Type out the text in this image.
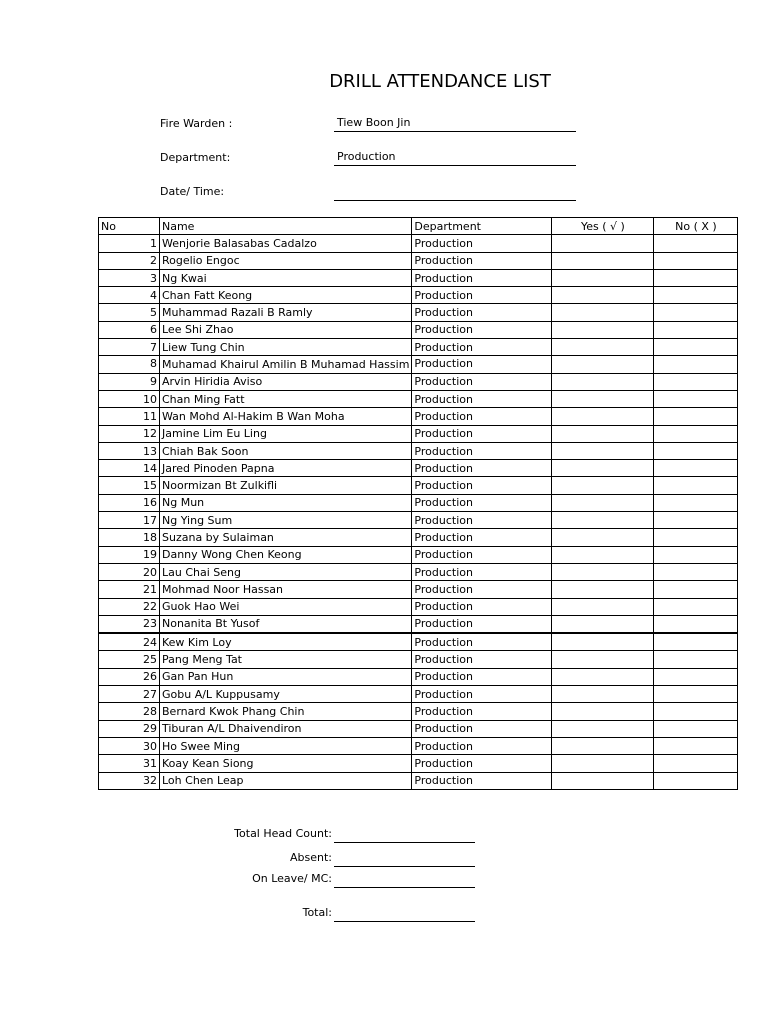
DRILL ATTENDANCE LIST
Fire Warden :	Tiew Boon Jin
Department:	Production
Date/ Time:
No	Name	Department	Yes ( √ )	No ( X )
1	Wenjorie Balasabas Cadalzo	Production		
2	Rogelio Engoc	Production		
3	Ng Kwai	Production		
4	Chan Fatt Keong	Production		
5	Muhammad Razali B Ramly	Production		
6	Lee Shi Zhao	Production		
7	Liew Tung Chin	Production		
8	Muhamad Khairul Amilin B Muhamad Hassim	Production		
9	Arvin Hiridia Aviso	Production		
10	Chan Ming Fatt	Production		
11	Wan Mohd Al-Hakim B Wan Moha	Production		
12	Jamine Lim Eu Ling	Production		
13	Chiah Bak Soon	Production		
14	Jared Pinoden Papna	Production		
15	Noormizan Bt Zulkifli	Production		
16	Ng Mun	Production		
17	Ng Ying Sum	Production		
18	Suzana by Sulaiman	Production		
19	Danny Wong Chen Keong	Production		
20	Lau Chai Seng	Production		
21	Mohmad Noor Hassan	Production		
22	Guok Hao Wei	Production		
23	Nonanita Bt Yusof	Production		
24	Kew Kim Loy	Production		
25	Pang Meng Tat	Production		
26	Gan Pan Hun	Production		
27	Gobu A/L Kuppusamy	Production		
28	Bernard Kwok Phang Chin	Production		
29	Tiburan A/L Dhaivendiron	Production		
30	Ho Swee Ming	Production		
31	Koay Kean Siong	Production		
32	Loh Chen Leap	Production		
Total Head Count:
Absent:
On Leave/ MC:
Total:
